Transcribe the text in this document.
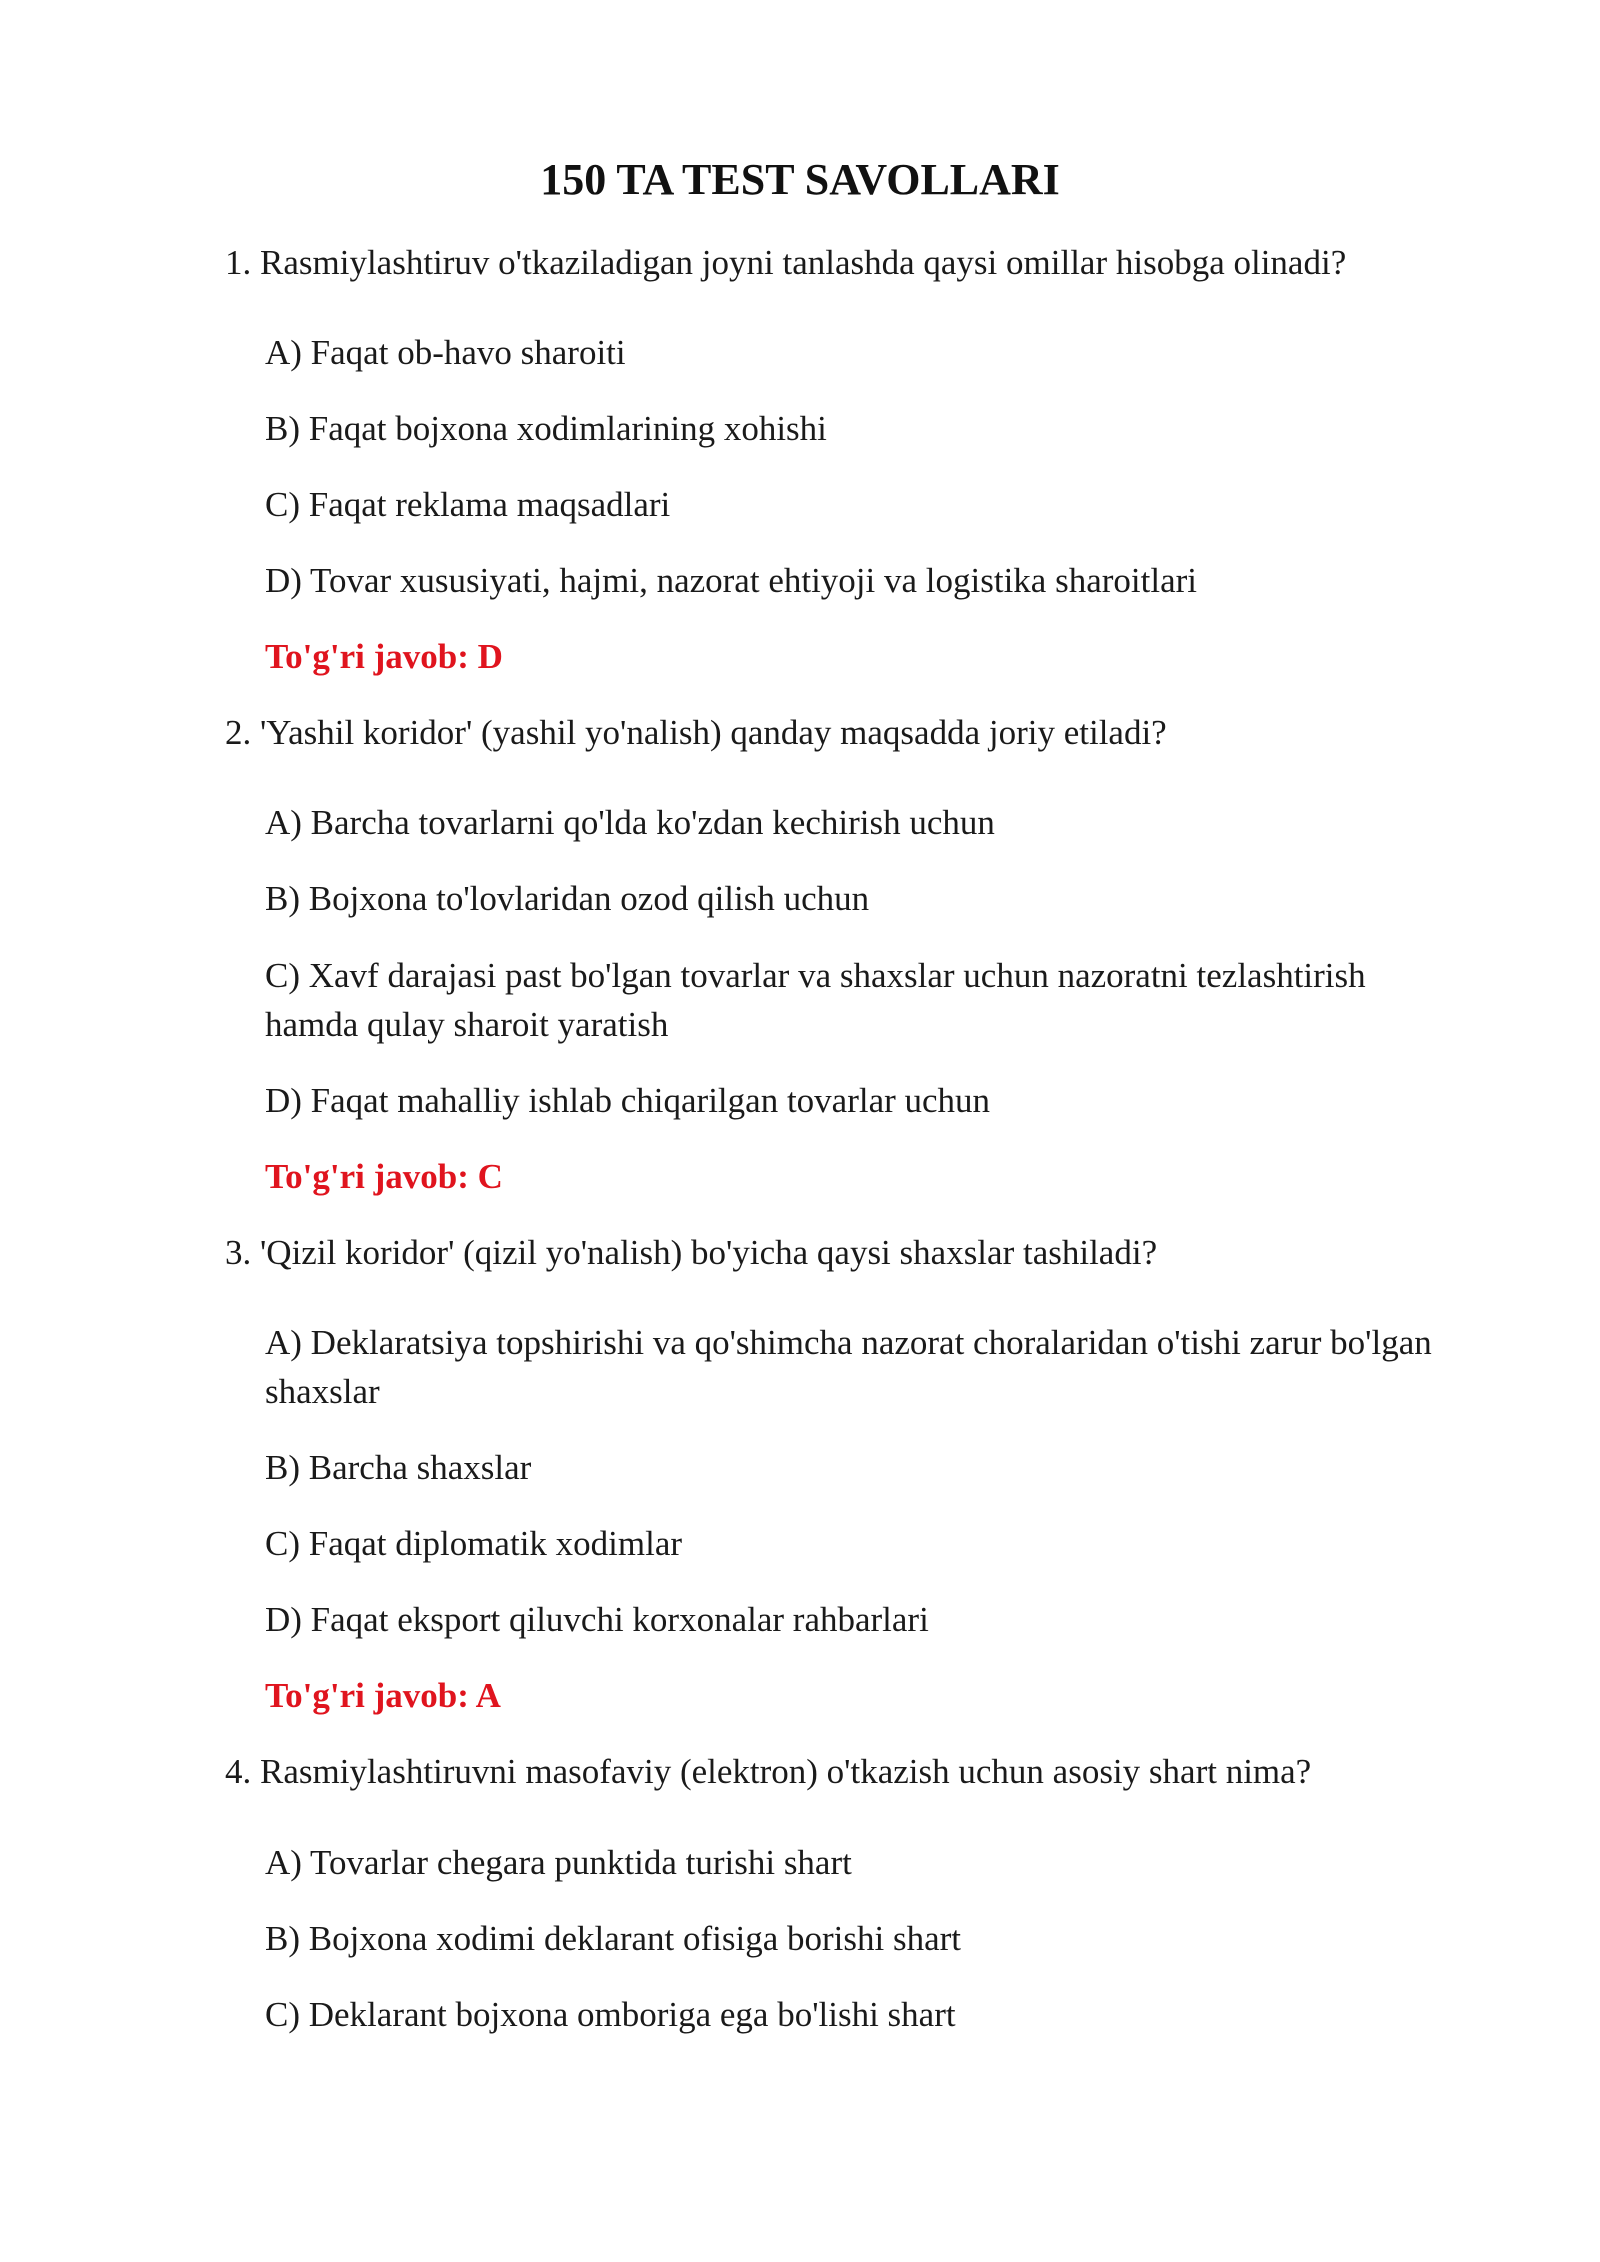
150 TA TEST SAVOLLARI
1. Rasmiylashtiruv o'tkaziladigan joyni tanlashda qaysi omillar hisobga olinadi?
A) Faqat ob-havo sharoiti
B) Faqat bojxona xodimlarining xohishi
C) Faqat reklama maqsadlari
D) Tovar xususiyati, hajmi, nazorat ehtiyoji va logistika sharoitlari
To'g'ri javob: D
2. 'Yashil koridor' (yashil yo'nalish) qanday maqsadda joriy etiladi?
A) Barcha tovarlarni qo'lda ko'zdan kechirish uchun
B) Bojxona to'lovlaridan ozod qilish uchun
C) Xavf darajasi past bo'lgan tovarlar va shaxslar uchun nazoratni tezlashtirish hamda qulay sharoit yaratish
D) Faqat mahalliy ishlab chiqarilgan tovarlar uchun
To'g'ri javob: C
3. 'Qizil koridor' (qizil yo'nalish) bo'yicha qaysi shaxslar tashiladi?
A) Deklaratsiya topshirishi va qo'shimcha nazorat choralaridan o'tishi zarur bo'lgan shaxslar
B) Barcha shaxslar
C) Faqat diplomatik xodimlar
D) Faqat eksport qiluvchi korxonalar rahbarlari
To'g'ri javob: A
4. Rasmiylashtiruvni masofaviy (elektron) o'tkazish uchun asosiy shart nima?
A) Tovarlar chegara punktida turishi shart
B) Bojxona xodimi deklarant ofisiga borishi shart
C) Deklarant bojxona omboriga ega bo'lishi shart
